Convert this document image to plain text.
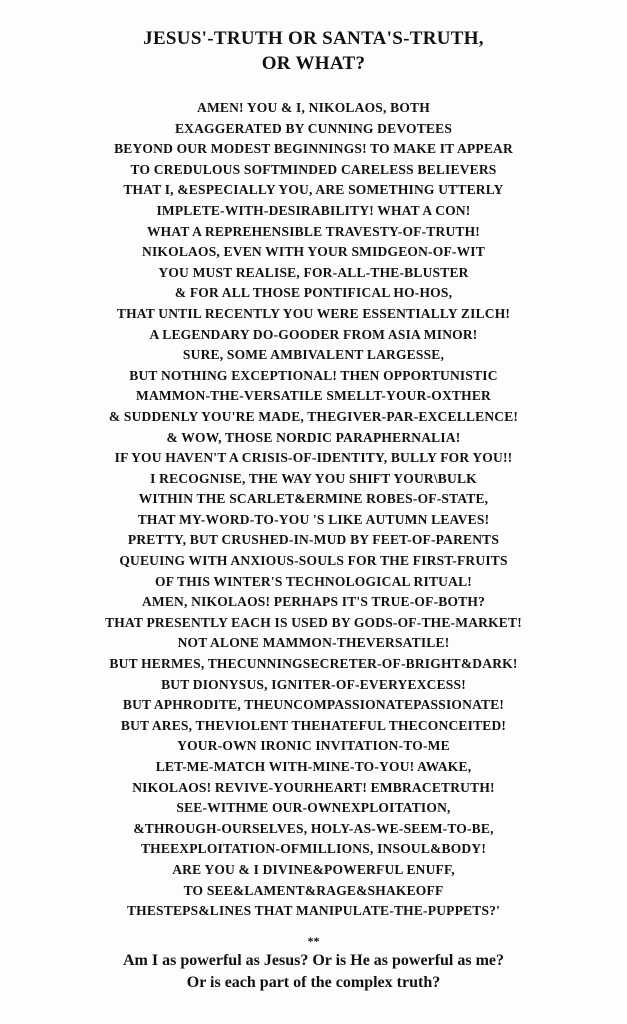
JESUS'-TRUTH OR SANTA'S-TRUTH,
OR WHAT?
AMEN! YOU & I, NIKOLAOS, BOTH
EXAGGERATED BY CUNNING DEVOTEES
BEYOND OUR MODEST BEGINNINGS! TO MAKE IT APPEAR
TO CREDULOUS SOFTMINDED CARELESS BELIEVERS
THAT I, &ESPECIALLY YOU, ARE SOMETHING UTTERLY
IMPLETE-WITH-DESIRABILITY! WHAT A CON!
WHAT A REPREHENSIBLE TRAVESTY-OF-TRUTH!
NIKOLAOS, EVEN WITH YOUR SMIDGEON-OF-WIT
YOU MUST REALISE, FOR-ALL-THE-BLUSTER
& FOR ALL THOSE PONTIFICAL HO-HOS,
THAT UNTIL RECENTLY YOU WERE ESSENTIALLY ZILCH!
A LEGENDARY DO-GOODER FROM ASIA MINOR!
SURE, SOME AMBIVALENT LARGESSE,
BUT NOTHING EXCEPTIONAL! THEN OPPORTUNISTIC
MAMMON-THE-VERSATILE SMELLT-YOUR-OXTHER
& SUDDENLY YOU'RE MADE, THEGIVER-PAR-EXCELLENCE!
& WOW, THOSE NORDIC PARAPHERNALIA!
IF YOU HAVEN'T A CRISIS-OF-IDENTITY, BULLY FOR YOU!!
I RECOGNISE, THE WAY YOU SHIFT YOUR\BULK
WITHIN THE SCARLET&ERMINE ROBES-OF-STATE,
THAT MY-WORD-TO-YOU 'S LIKE AUTUMN LEAVES!
PRETTY, BUT CRUSHED-IN-MUD BY FEET-OF-PARENTS
QUEUING WITH ANXIOUS-SOULS FOR THE FIRST-FRUITS
OF THIS WINTER'S TECHNOLOGICAL RITUAL!
AMEN, NIKOLAOS! PERHAPS IT'S TRUE-OF-BOTH?
THAT PRESENTLY EACH IS USED BY GODS-OF-THE-MARKET!
NOT ALONE MAMMON-THEVERSATILE!
BUT HERMES, THECUNNINGSECRETER-OF-BRIGHT&DARK!
BUT DIONYSUS, IGNITER-OF-EVERYEXCESS!
BUT APHRODITE, THEUNCOMPASSIONATEPASSIONATE!
BUT ARES, THEVIOLENT THEHATEFUL THECONCEITED!
YOUR-OWN IRONIC INVITATION-TO-ME
LET-ME-MATCH WITH-MINE-TO-YOU! AWAKE,
NIKOLAOS! REVIVE-YOURHEART! EMBRACETRUTH!
SEE-WITHME OUR-OWNEXPLOITATION,
&THROUGH-OURSELVES, HOLY-AS-WE-SEEM-TO-BE,
THEEXPLOITATION-OFMILLIONS, INSOUL&BODY!
ARE YOU & I DIVINE&POWERFUL ENUFF,
TO SEE&LAMENT&RAGE&SHAKEOFF
THESTEPS&LINES THAT MANIPULATE-THE-PUPPETS?'
**
Am I as powerful as Jesus? Or is He as powerful as me?
Or is each part of the complex truth?
